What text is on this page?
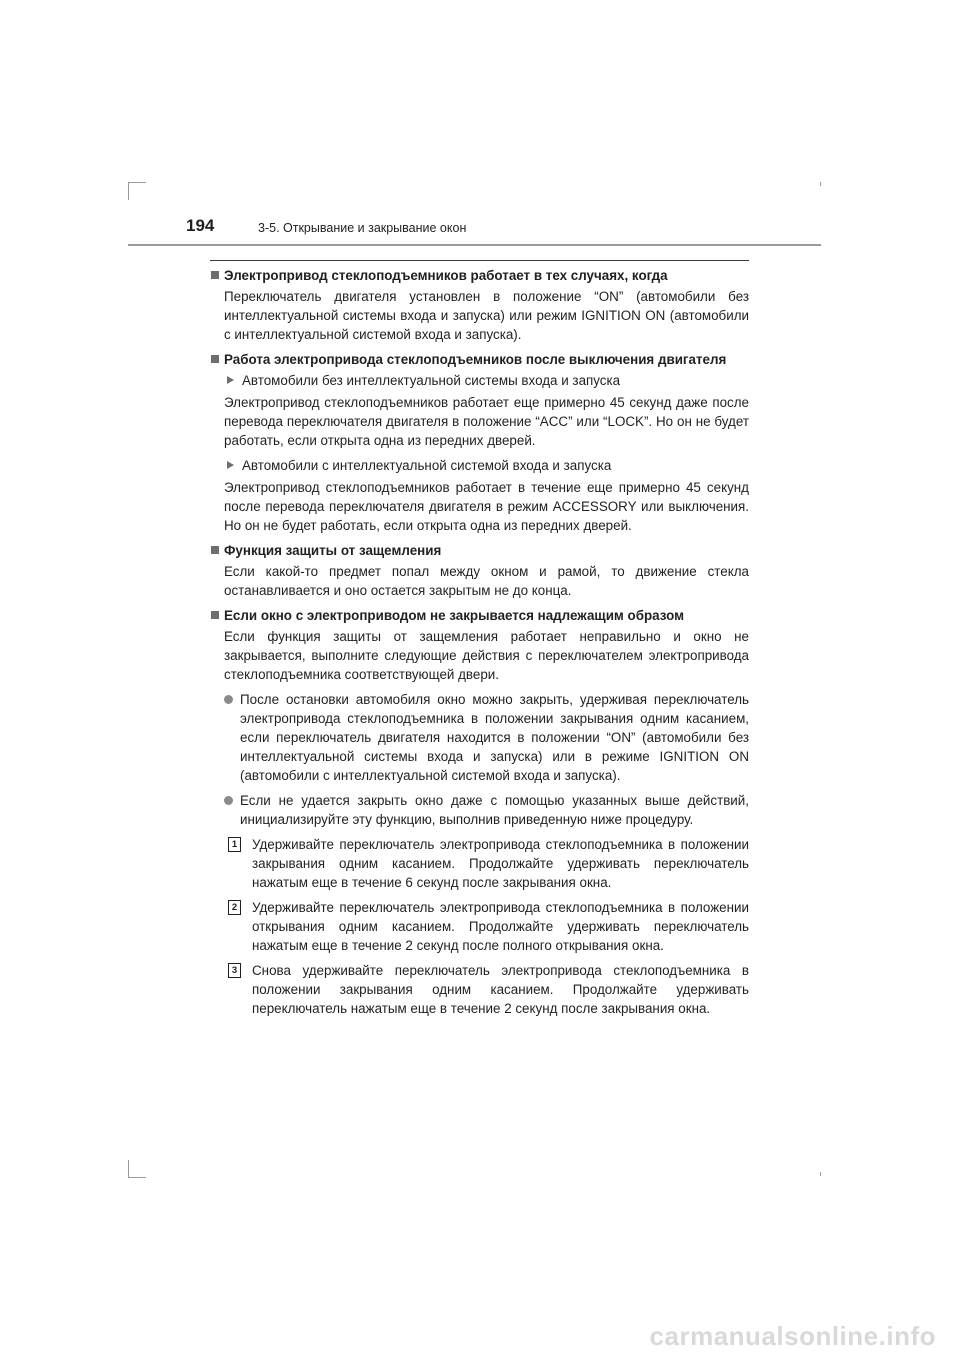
194	3-5. Открывание и закрывание окон
Электропривод стеклоподъемников работает в тех случаях, когда
Переключатель двигателя установлен в положение “ON” (автомобили без интеллектуальной системы входа и запуска) или режим IGNITION ON (автомобили с интеллектуальной системой входа и запуска).
Работа электропривода стеклоподъемников после выключения двигателя
Автомобили без интеллектуальной системы входа и запуска
Электропривод стеклоподъемников работает еще примерно 45 секунд даже после перевода переключателя двигателя в положение “ACC” или “LOCK”. Но он не будет работать, если открыта одна из передних дверей.
Автомобили с интеллектуальной системой входа и запуска
Электропривод стеклоподъемников работает в течение еще примерно 45 секунд после перевода переключателя двигателя в режим ACCESSORY или выключения. Но он не будет работать, если открыта одна из передних дверей.
Функция защиты от защемления
Если какой-то предмет попал между окном и рамой, то движение стекла останавливается и оно остается закрытым не до конца.
Если окно с электроприводом не закрывается надлежащим образом
Если функция защиты от защемления работает неправильно и окно не закрывается, выполните следующие действия с переключателем электропривода стеклоподъемника соответствующей двери.
После остановки автомобиля окно можно закрыть, удерживая переключатель электропривода стеклоподъемника в положении закрывания одним касанием, если переключатель двигателя находится в положении “ON” (автомобили без интеллектуальной системы входа и запуска) или в режиме IGNITION ON (автомобили с интеллектуальной системой входа и запуска).
Если не удается закрыть окно даже с помощью указанных выше действий, инициализируйте эту функцию, выполнив приведенную ниже процедуру.
1 Удерживайте переключатель электропривода стеклоподъемника в положении закрывания одним касанием. Продолжайте удерживать переключатель нажатым еще в течение 6 секунд после закрывания окна.
2 Удерживайте переключатель электропривода стеклоподъемника в положении открывания одним касанием. Продолжайте удерживать переключатель нажатым еще в течение 2 секунд после полного открывания окна.
3 Снова удерживайте переключатель электропривода стеклоподъемника в положении закрывания одним касанием. Продолжайте удерживать переключатель нажатым еще в течение 2 секунд после закрывания окна.
carmanualsonline.info
